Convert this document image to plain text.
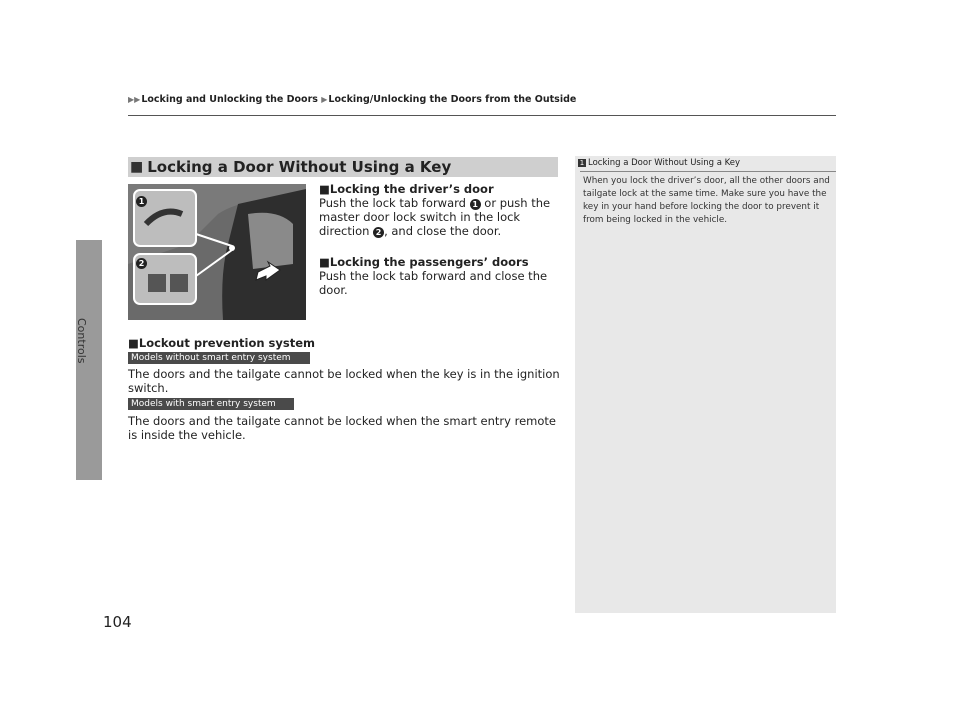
▶▶Locking and Unlocking the Doors ▶Locking/Unlocking the Doors from the Outside
Controls
■ Locking a Door Without Using a Key
1
2
■Locking the driver’s door
Push the lock tab forward 1 or push the master door lock switch in the lock direction 2 , and close the door.
■Locking the passengers’ doors
Push the lock tab forward and close the door.
■Lockout prevention system
Models without smart entry system
The doors and the tailgate cannot be locked when the key is in the ignition switch.
Models with smart entry system
The doors and the tailgate cannot be locked when the smart entry remote is inside the vehicle.
1 Locking a Door Without Using a Key
When you lock the driver’s door, all the other doors and tailgate lock at the same time. Make sure you have the key in your hand before locking the door to prevent it from being locked in the vehicle.
104
